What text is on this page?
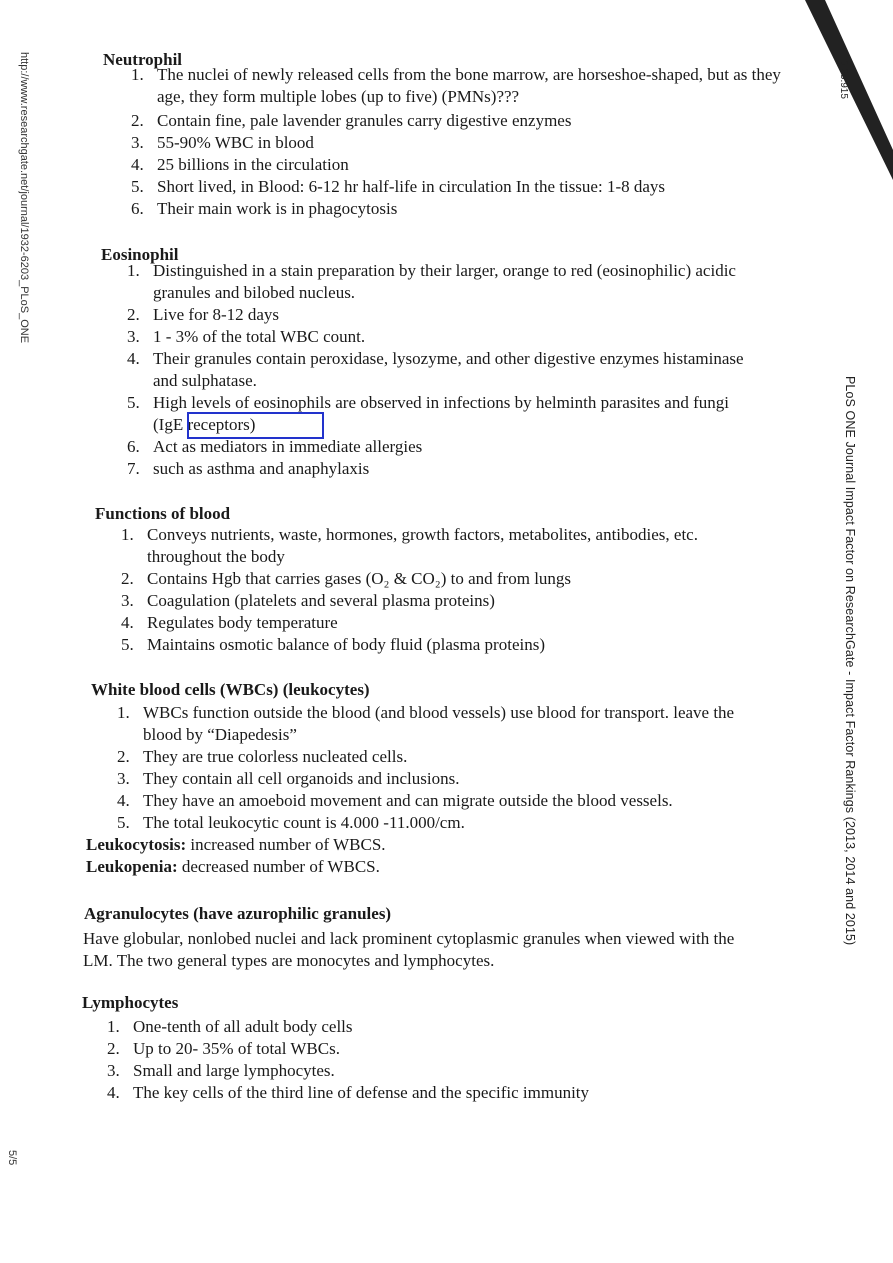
http://www.researchgate.net/journal/1932-6203_PLoS_ONE	3.25.915
PLoS ONE Journal Impact Factor on ResearchGate - Impact Factor Rankings (2013, 2014 and 2015)
5/5
Neutrophil
1. The nuclei of newly released cells from the bone marrow, are horseshoe-shaped, but as they age, they form multiple lobes (up to five) (PMNs)???
2. Contain fine, pale lavender granules carry digestive enzymes
3. 55-90% WBC in blood
4. 25 billions in the circulation
5. Short lived, in Blood: 6-12 hr half-life in circulation In the tissue: 1-8 days
6. Their main work is in phagocytosis
Eosinophil
1. Distinguished in a stain preparation by their larger, orange to red (eosinophilic) acidic granules and bilobed nucleus.
2. Live for 8-12 days
3. 1 - 3% of the total WBC count.
4. Their granules contain peroxidase, lysozyme, and other digestive enzymes histaminase and sulphatase.
5. High levels of eosinophils are observed in infections by helminth parasites and fungi (IgE receptors)
6. Act as mediators in immediate allergies
7. such as asthma and anaphylaxis
Functions of blood
1. Conveys nutrients, waste, hormones, growth factors, metabolites, antibodies, etc. throughout the body
2. Contains Hgb that carries gases (O₂ & CO₂) to and from lungs
3. Coagulation (platelets and several plasma proteins)
4. Regulates body temperature
5. Maintains osmotic balance of body fluid (plasma proteins)
White blood cells (WBCs) (leukocytes)
1. WBCs function outside the blood (and blood vessels) use blood for transport. leave the blood by “Diapedesis”
2. They are true colorless nucleated cells.
3. They contain all cell organoids and inclusions.
4. They have an amoeboid movement and can migrate outside the blood vessels.
5. The total leukocytic count is 4.000 -11.000/cm.

Leukocytosis: increased number of WBCS.

Leukopenia: decreased number of WBCS.

Agranulocytes (have azurophilic granules)

Have globular, nonlobed nuclei and lack prominent cytoplasmic granules when viewed with the LM. The two general types are monocytes and lymphocytes.

Lymphocytes
1. One-tenth of all adult body cells
2. Up to 20- 35% of total WBCs.
3. Small and large lymphocytes.
4. The key cells of the third line of defense and the specific immunity
